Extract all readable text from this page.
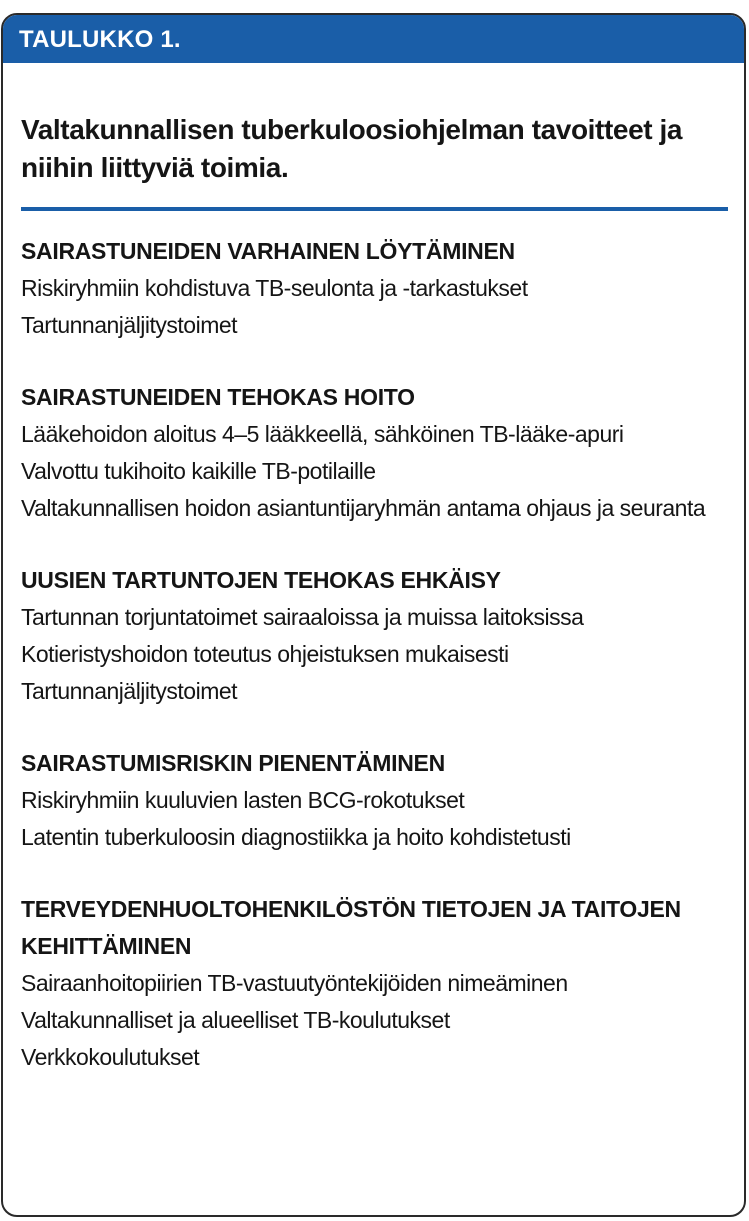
TAULUKKO 1.
Valtakunnallisen tuberkuloosiohjelman tavoitteet ja niihin liittyviä toimia.
SAIRASTUNEIDEN VARHAINEN LÖYTÄMINEN
Riskiryhmiin kohdistuva TB-seulonta ja -tarkastukset
Tartunnanjäljitystoimet
SAIRASTUNEIDEN TEHOKAS HOITO
Lääkehoidon aloitus 4–5 lääkkeellä, sähköinen TB-lääke-apuri
Valvottu tukihoito kaikille TB-potilaille
Valtakunnallisen hoidon asiantuntijaryhmän antama ohjaus ja seuranta
UUSIEN TARTUNTOJEN TEHOKAS EHKÄISY
Tartunnan torjuntatoimet sairaaloissa ja muissa laitoksissa
Kotieristyshoidon toteutus ohjeistuksen mukaisesti
Tartunnanjäljitystoimet
SAIRASTUMISRISKIN PIENENTÄMINEN
Riskiryhmiin kuuluvien lasten BCG-rokotukset
Latentin tuberkuloosin diagnostiikka ja hoito kohdistetusti
TERVEYDENHUOLTOHENKILÖSTÖN TIETOJEN JA TAITOJEN KEHITTÄMINEN
Sairaanhoitopiirien TB-vastuutyöntekijöiden nimeäminen
Valtakunnalliset ja alueelliset TB-koulutukset
Verkkokoulutukset
